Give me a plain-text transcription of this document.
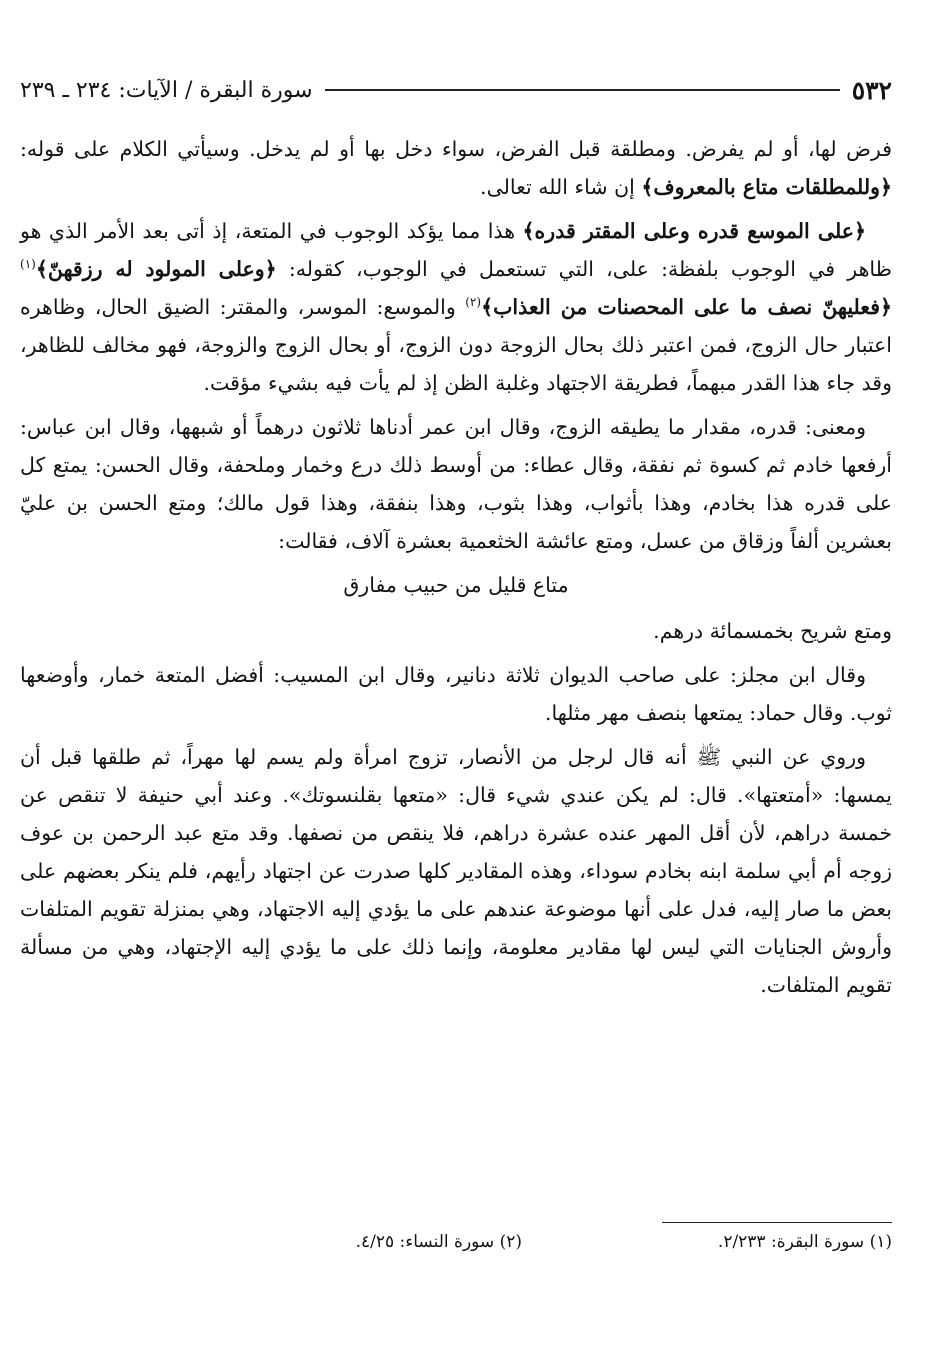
٥٣٢
سورة البقرة / الآيات: ٢٣٤ ـ ٢٣٩

فرض لها، أو لم يفرض. ومطلقة قبل الفرض، سواء دخل بها أو لم يدخل. وسيأتي الكلام على قوله: ﴿وللمطلقات متاع بالمعروف﴾ إن شاء الله تعالى.

﴿على الموسع قدره وعلى المقتر قدره﴾ هذا مما يؤكد الوجوب في المتعة، إذ أتى بعد الأمر الذي هو ظاهر في الوجوب بلفظة: على، التي تستعمل في الوجوب، كقوله: ﴿وعلى المولود له رزقهنّ﴾$^{(١)}$ ﴿فعليهنّ نصف ما على المحصنات من العذاب﴾$^{(٢)}$ والموسع: الموسر، والمقتر: الضيق الحال، وظاهره اعتبار حال الزوج، فمن اعتبر ذلك بحال الزوجة دون الزوج، أو بحال الزوج والزوجة، فهو مخالف للظاهر، وقد جاء هذا القدر مبهماً، فطريقة الاجتهاد وغلبة الظن إذ لم يأت فيه بشيء مؤقت.

ومعنى: قدره، مقدار ما يطيقه الزوج، وقال ابن عمر أدناها ثلاثون درهماً أو شبهها، وقال ابن عباس: أرفعها خادم ثم كسوة ثم نفقة، وقال عطاء: من أوسط ذلك درع وخمار وملحفة، وقال الحسن: يمتع كل على قدره هذا بخادم، وهذا بأثواب، وهذا بثوب، وهذا بنفقة، وهذا قول مالك؛ ومتع الحسن بن عليّ بعشرين ألفاً وزقاق من عسل، ومتع عائشة الخثعمية بعشرة آلاف، فقالت:

متاع قليل من حبيب مفارق

ومتع شريح بخمسمائة درهم.

وقال ابن مجلز: على صاحب الديوان ثلاثة دنانير، وقال ابن المسيب: أفضل المتعة خمار، وأوضعها ثوب. وقال حماد: يمتعها بنصف مهر مثلها.

وروي عن النبي ﷺ أنه قال لرجل من الأنصار، تزوج امرأة ولم يسم لها مهراً، ثم طلقها قبل أن يمسها: «أمتعتها». قال: لم يكن عندي شيء قال: «متعها بقلنسوتك». وعند أبي حنيفة لا تنقص عن خمسة دراهم، لأن أقل المهر عنده عشرة دراهم، فلا ينقص من نصفها. وقد متع عبد الرحمن بن عوف زوجه أم أبي سلمة ابنه بخادم سوداء، وهذه المقادير كلها صدرت عن اجتهاد رأيهم، فلم ينكر بعضهم على بعض ما صار إليه، فدل على أنها موضوعة عندهم على ما يؤدي إليه الاجتهاد، وهي بمنزلة تقويم المتلفات وأروش الجنايات التي ليس لها مقادير معلومة، وإنما ذلك على ما يؤدي إليه الإجتهاد، وهي من مسألة تقويم المتلفات.

(١) سورة البقرة: ٢/٢٣٣.
(٢) سورة النساء: ٤/٢٥.
